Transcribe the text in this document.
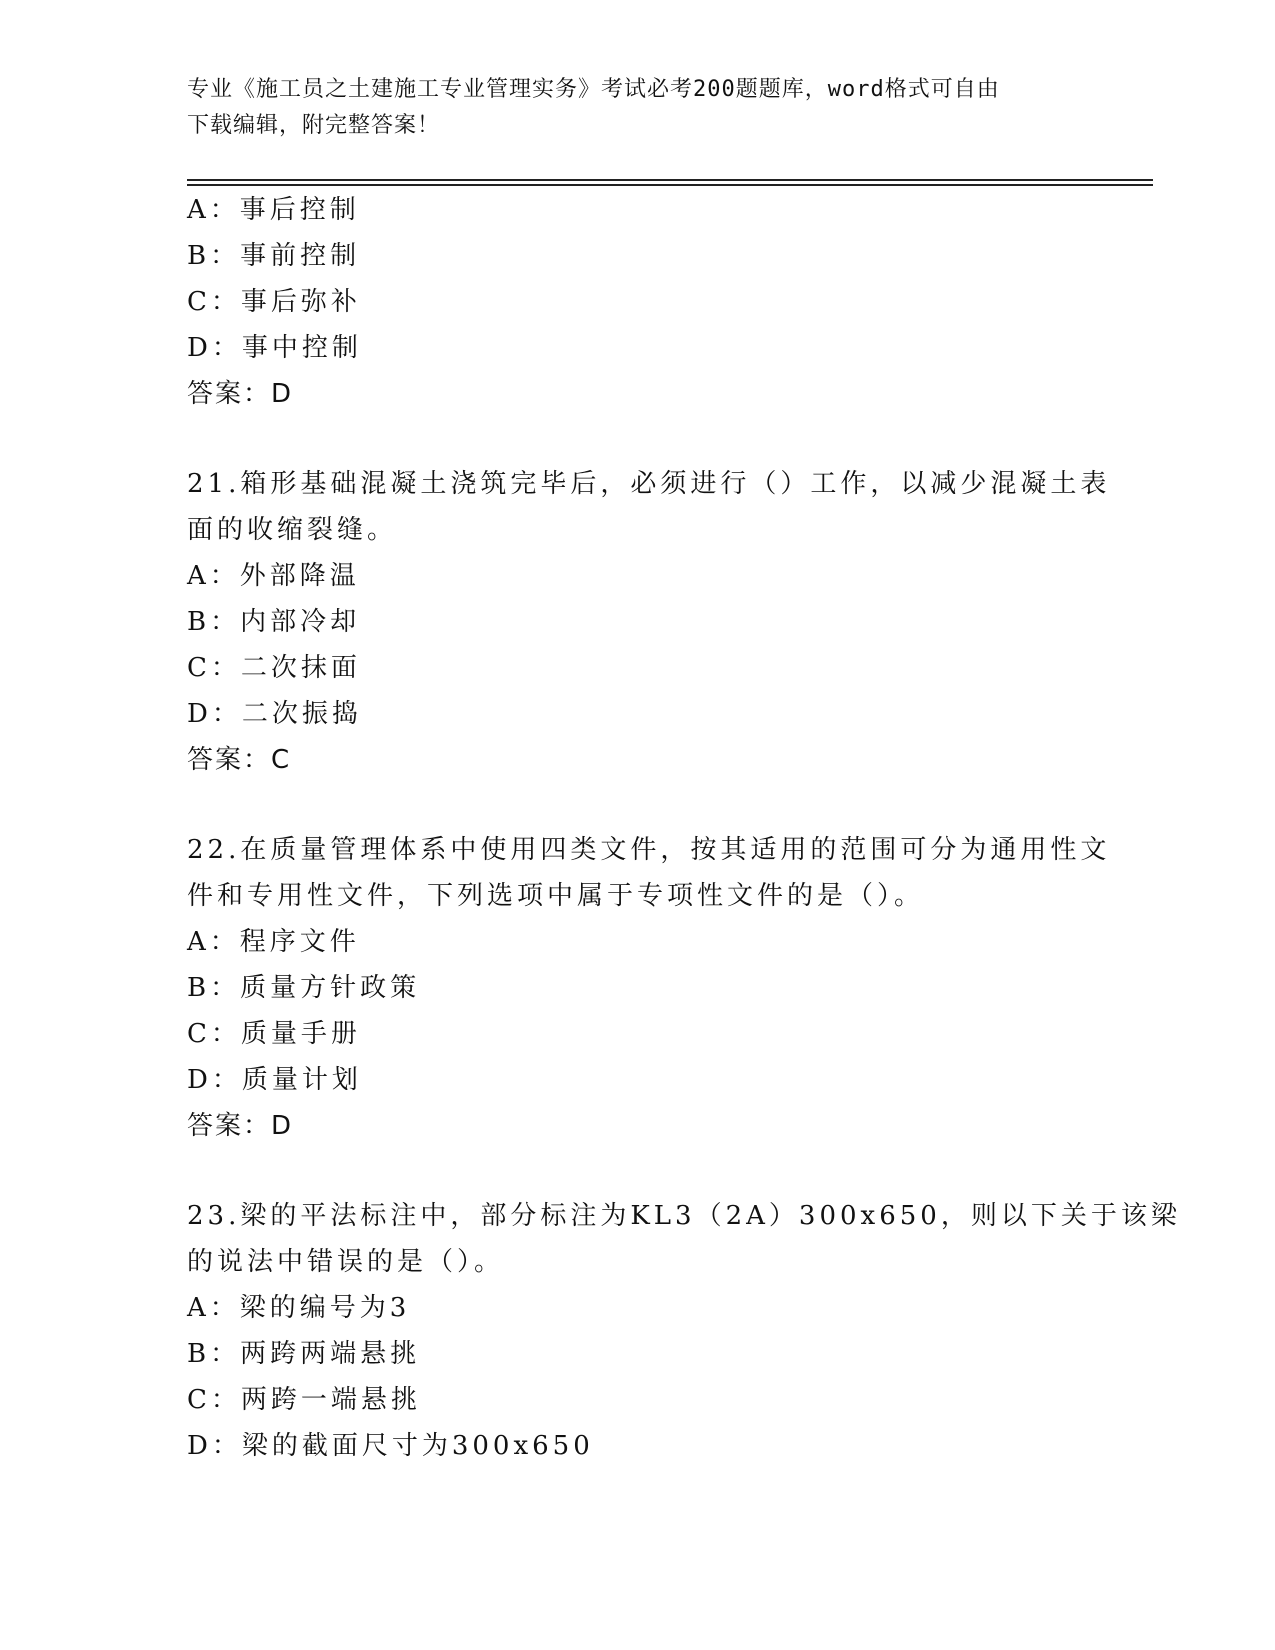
专业《施工员之土建施工专业管理实务》考试必考200题题库，word格式可自由
下载编辑，附完整答案！
A：事后控制
B：事前控制
C：事后弥补
D：事中控制
答案：D
21.箱形基础混凝土浇筑完毕后，必须进行（）工作，以减少混凝土表
面的收缩裂缝。
A：外部降温
B：内部冷却
C：二次抹面
D：二次振捣
答案：C
22.在质量管理体系中使用四类文件，按其适用的范围可分为通用性文
件和专用性文件，下列选项中属于专项性文件的是（）。
A：程序文件
B：质量方针政策
C：质量手册
D：质量计划
答案：D
23.梁的平法标注中，部分标注为KL3（2A）300x650，则以下关于该梁
的说法中错误的是（）。
A：梁的编号为3
B：两跨两端悬挑
C：两跨一端悬挑
D：梁的截面尺寸为300x650
